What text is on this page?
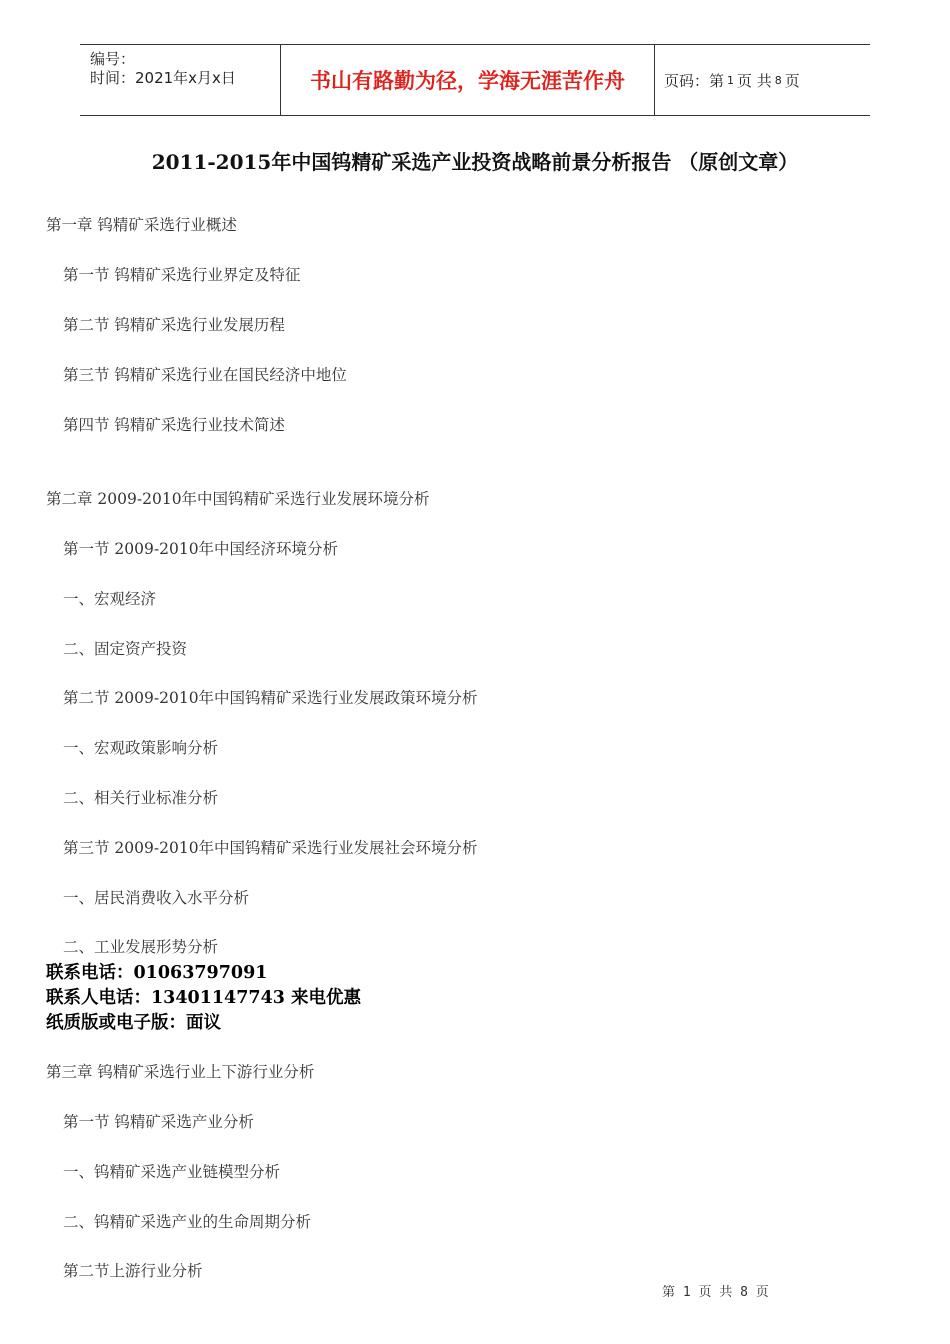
编号：
时间：2021年x月x日	书山有路勤为径，学海无涯苦作舟	页码：第 1 页 共 8 页
2011-2015年中国钨精矿采选产业投资战略前景分析报告 （原创文章）
第一章 钨精矿采选行业概述
第一节 钨精矿采选行业界定及特征
第二节 钨精矿采选行业发展历程
第三节 钨精矿采选行业在国民经济中地位
第四节 钨精矿采选行业技术简述
第二章 2009-2010年中国钨精矿采选行业发展环境分析
第一节 2009-2010年中国经济环境分析
一、宏观经济
二、固定资产投资
第二节 2009-2010年中国钨精矿采选行业发展政策环境分析
一、宏观政策影响分析
二、相关行业标准分析
第三节 2009-2010年中国钨精矿采选行业发展社会环境分析
一、居民消费收入水平分析
二、工业发展形势分析
第三章 钨精矿采选行业上下游行业分析
第一节 钨精矿采选产业分析
一、钨精矿采选产业链模型分析
二、钨精矿采选产业的生命周期分析
第二节上游行业分析
联系电话：01063797091
联系人电话：13401147743 来电优惠
纸质版或电子版：面议
第 1 页 共 8 页
